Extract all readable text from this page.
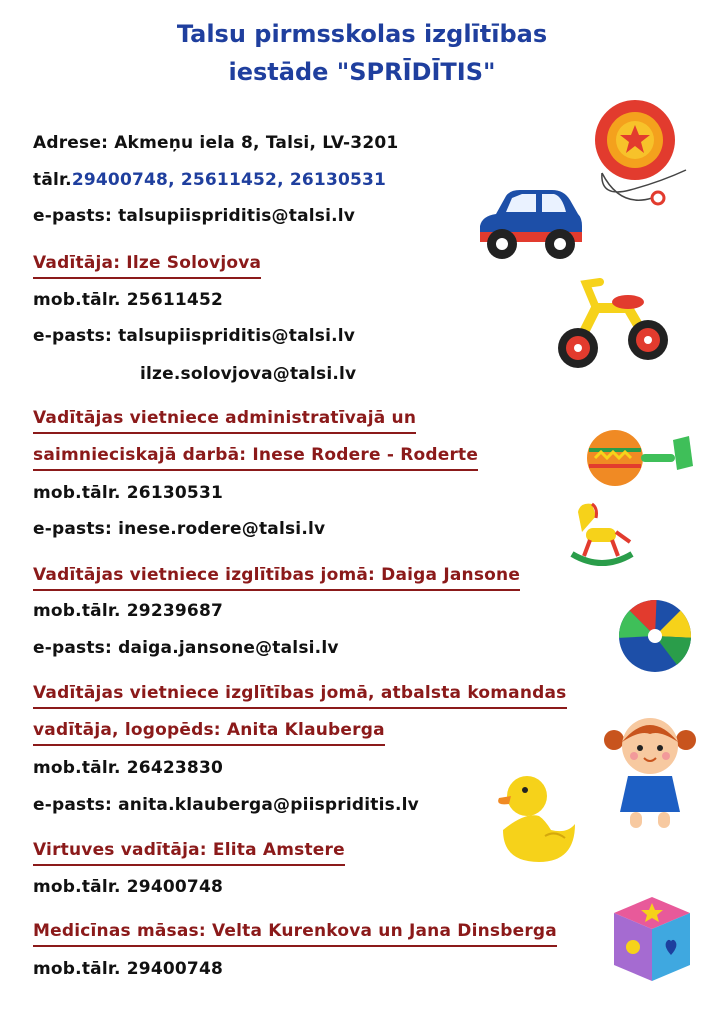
Talsu pirmsskolas izglītības
iestāde "SPRĪDĪTIS"
Adrese: Akmeņu iela 8, Talsi, LV-3201
tālr.29400748, 25611452, 26130531
e-pasts: talsupiispriditis@talsi.lv
Vadītāja: Ilze Solovjova
mob.tālr. 25611452
e-pasts: talsupiispriditis@talsi.lv
ilze.solovjova@talsi.lv
Vadītājas vietniece administratīvajā un
saimnieciskajā darbā: Inese Rodere - Roderte
mob.tālr. 26130531
e-pasts: inese.rodere@talsi.lv
Vadītājas vietniece izglītības jomā: Daiga Jansone
mob.tālr. 29239687
e-pasts: daiga.jansone@talsi.lv
Vadītājas vietniece izglītības jomā, atbalsta komandas
vadītāja, logopēds: Anita Klauberga
mob.tālr. 26423830
e-pasts: anita.klauberga@piispriditis.lv
Virtuves vadītāja: Elita Amstere
mob.tālr. 29400748
Medicīnas māsas: Velta Kurenkova un Jana Dinsberga
mob.tālr. 29400748
